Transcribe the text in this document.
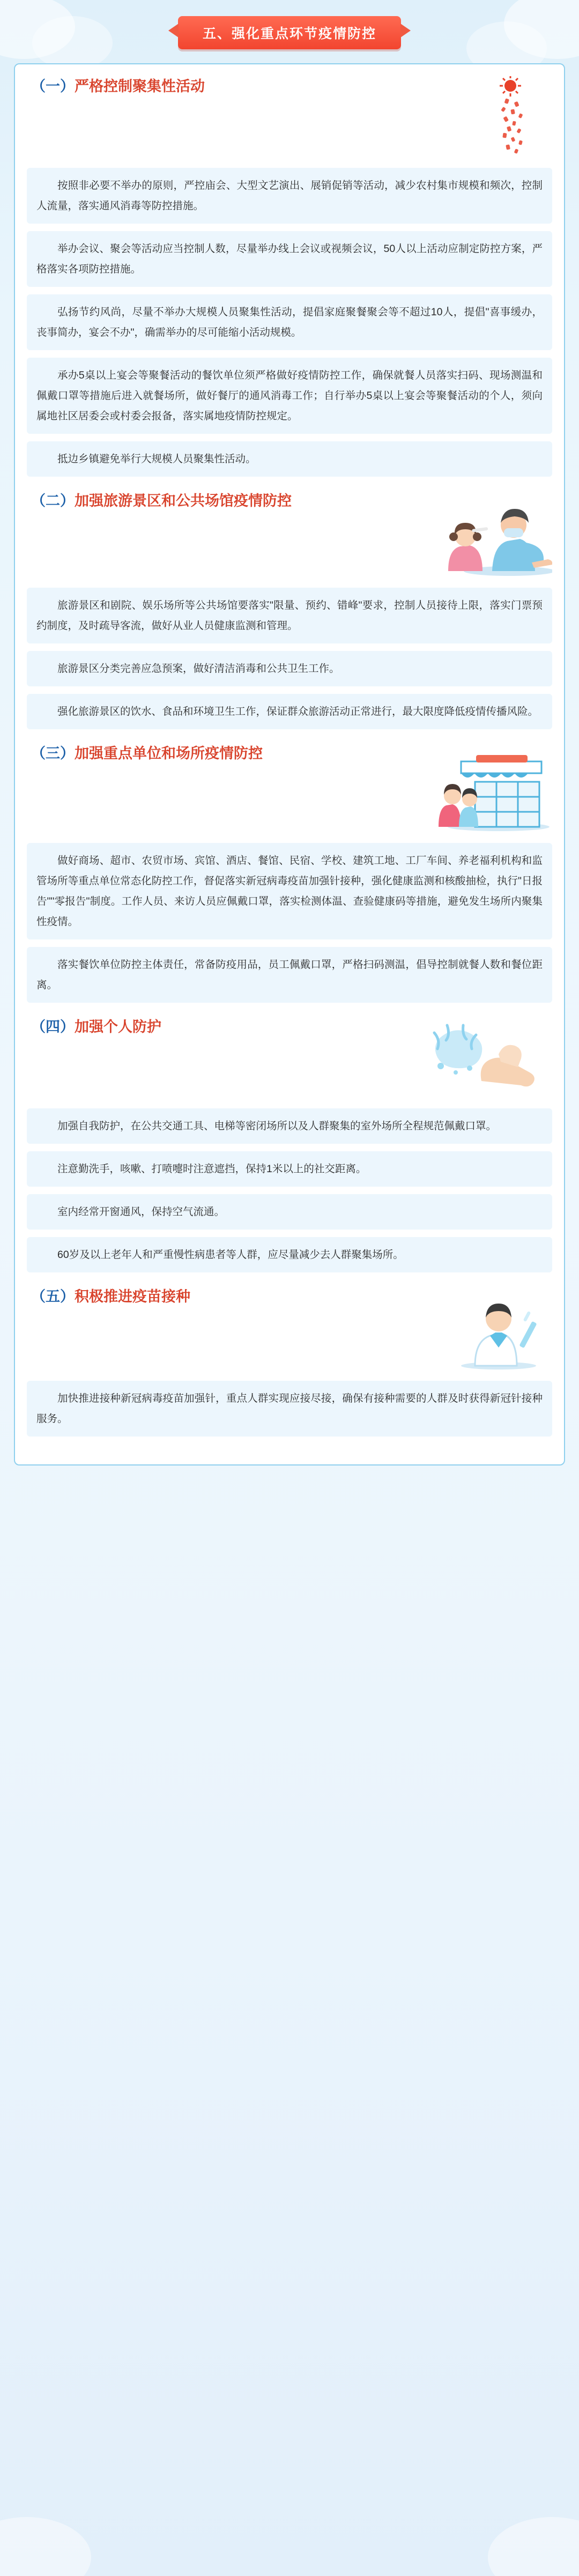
五、强化重点环节疫情防控
（一）严格控制聚集性活动

按照非必要不举办的原则，严控庙会、大型文艺演出、展销促销等活动，减少农村集市规模和频次，控制人流量，落实通风消毒等防控措施。

举办会议、聚会等活动应当控制人数，尽量举办线上会议或视频会议，50人以上活动应制定防控方案，严格落实各项防控措施。

弘扬节约风尚，尽量不举办大规模人员聚集性活动，提倡家庭聚餐聚会等不超过10人，提倡"喜事缓办，丧事简办，宴会不办"，确需举办的尽可能缩小活动规模。

承办5桌以上宴会等聚餐活动的餐饮单位须严格做好疫情防控工作，确保就餐人员落实扫码、现场测温和佩戴口罩等措施后进入就餐场所，做好餐厅的通风消毒工作；自行举办5桌以上宴会等聚餐活动的个人，须向属地社区居委会或村委会报备，落实属地疫情防控规定。

抵边乡镇避免举行大规模人员聚集性活动。

（二）加强旅游景区和公共场馆疫情防控

旅游景区和剧院、娱乐场所等公共场馆要落实"限量、预约、错峰"要求，控制人员接待上限，落实门票预约制度，及时疏导客流，做好从业人员健康监测和管理。

旅游景区分类完善应急预案，做好清洁消毒和公共卫生工作。

强化旅游景区的饮水、食品和环境卫生工作，保证群众旅游活动正常进行，最大限度降低疫情传播风险。

（三）加强重点单位和场所疫情防控

做好商场、超市、农贸市场、宾馆、酒店、餐馆、民宿、学校、建筑工地、工厂车间、养老福利机构和监管场所等重点单位常态化防控工作，督促落实新冠病毒疫苗加强针接种，强化健康监测和核酸抽检，执行"日报告""零报告"制度。工作人员、来访人员应佩戴口罩，落实检测体温、查验健康码等措施，避免发生场所内聚集性疫情。

落实餐饮单位防控主体责任，常备防疫用品，员工佩戴口罩，严格扫码测温，倡导控制就餐人数和餐位距离。

（四）加强个人防护

加强自我防护，在公共交通工具、电梯等密闭场所以及人群聚集的室外场所全程规范佩戴口罩。

注意勤洗手，咳嗽、打喷嚏时注意遮挡，保持1米以上的社交距离。

室内经常开窗通风，保持空气流通。

60岁及以上老年人和严重慢性病患者等人群，应尽量减少去人群聚集场所。

（五）积极推进疫苗接种

加快推进接种新冠病毒疫苗加强针，重点人群实现应接尽接，确保有接种需要的人群及时获得新冠针接种服务。
